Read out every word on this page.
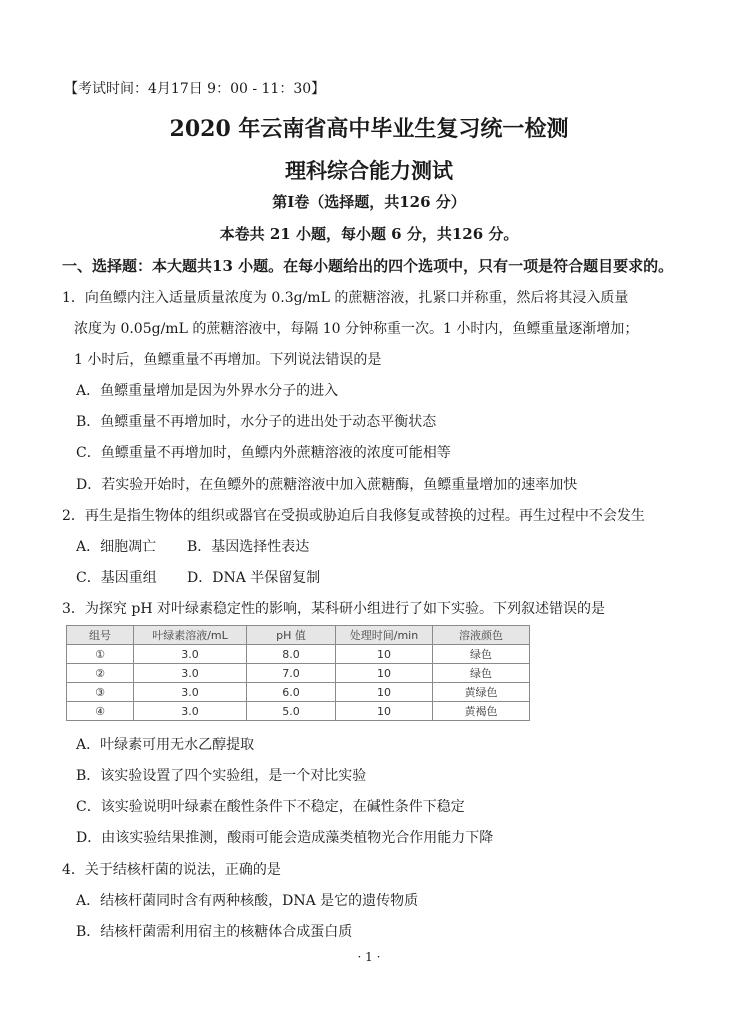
【考试时间：4月17日 9：00 - 11：30】
2020 年云南省高中毕业生复习统一检测
理科综合能力测试
第Ⅰ卷（选择题，共126 分）
本卷共 21 小题，每小题 6 分，共126 分。
一、选择题：本大题共13 小题。在每小题给出的四个选项中，只有一项是符合题目要求的。
1．向鱼鳔内注入适量质量浓度为 0.3g/mL 的蔗糖溶液，扎紧口并称重，然后将其浸入质量
浓度为 0.05g/mL 的蔗糖溶液中，每隔 10 分钟称重一次。1 小时内，鱼鳔重量逐渐增加；
1 小时后，鱼鳔重量不再增加。下列说法错误的是
A．鱼鳔重量增加是因为外界水分子的进入
B．鱼鳔重量不再增加时，水分子的进出处于动态平衡状态
C．鱼鳔重量不再增加时，鱼鳔内外蔗糖溶液的浓度可能相等
D．若实验开始时，在鱼鳔外的蔗糖溶液中加入蔗糖酶，鱼鳔重量增加的速率加快
2．再生是指生物体的组织或器官在受损或胁迫后自我修复或替换的过程。再生过程中不会发生
A．细胞凋亡 B．基因选择性表达
C．基因重组 D．DNA 半保留复制
3．为探究 pH 对叶绿素稳定性的影响，某科研小组进行了如下实验。下列叙述错误的是
组号	叶绿素溶液/mL	pH 值	处理时间/min	溶液颜色
①	3.0	8.0	10	绿色
②	3.0	7.0	10	绿色
③	3.0	6.0	10	黄绿色
④	3.0	5.0	10	黄褐色
A．叶绿素可用无水乙醇提取
B．该实验设置了四个实验组，是一个对比实验
C．该实验说明叶绿素在酸性条件下不稳定，在碱性条件下稳定
D．由该实验结果推测，酸雨可能会造成藻类植物光合作用能力下降
4．关于结核杆菌的说法，正确的是
A．结核杆菌同时含有两种核酸，DNA 是它的遗传物质
B．结核杆菌需利用宿主的核糖体合成蛋白质
· 1 ·
